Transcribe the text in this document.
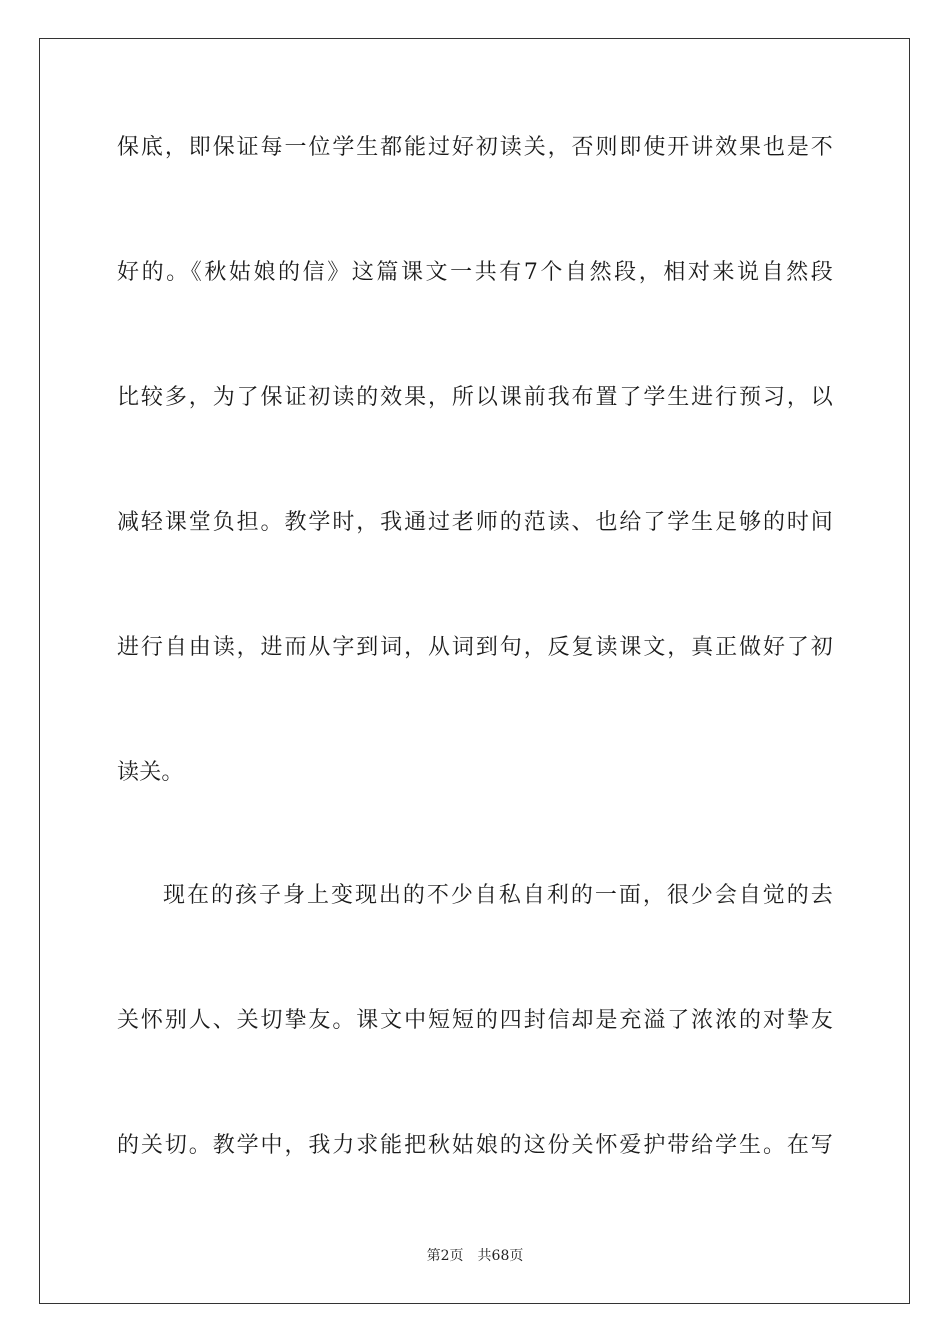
保底，即保证每一位学生都能过好初读关，否则即使开讲效果也是不
好的。《秋姑娘的信》这篇课文一共有7个自然段，相对来说自然段
比较多，为了保证初读的效果，所以课前我布置了学生进行预习，以
减轻课堂负担。教学时，我通过老师的范读、也给了学生足够的时间
进行自由读，进而从字到词，从词到句，反复读课文，真正做好了初
读关。
现在的孩子身上变现出的不少自私自利的一面，很少会自觉的去
关怀别人、关切挚友。课文中短短的四封信却是充溢了浓浓的对挚友
的关切。教学中，我力求能把秋姑娘的这份关怀爱护带给学生。在写
第2页 共68页
